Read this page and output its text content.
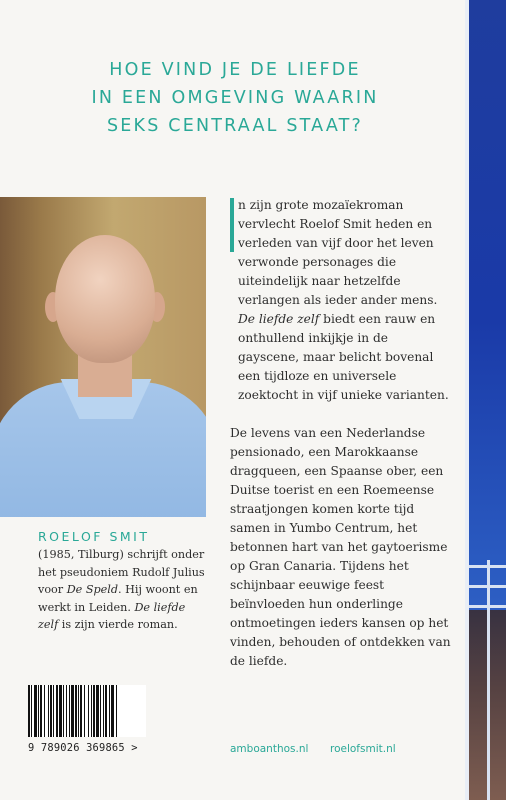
HOE VIND JE DE LIEFDE
IN EEN OMGEVING WAARIN
SEKS CENTRAAL STAAT?
ROELOF SMIT
(1985, Tilburg) schrijft onder het pseudoniem Rudolf Julius voor De Speld. Hij woont en werkt in Leiden. De liefde zelf is zijn vierde roman.

n zijn grote mozaïekroman vervlecht Roelof Smit heden en verleden van vijf door het leven verwonde personages die uiteindelijk naar hetzelfde verlangen als ieder ander mens. De liefde zelf biedt een rauw en onthullend inkijkje in de gayscene, maar belicht bovenal een tijdloze en universele zoektocht in vijf unieke varianten.

De levens van een Nederlandse pensionado, een Marokkaanse dragqueen, een Spaanse ober, een Duitse toerist en een Roemeense straatjongen komen korte tijd samen in Yumbo Centrum, het betonnen hart van het gaytoerisme op Gran Canaria. Tijdens het schijnbaar eeuwige feest beïnvloeden hun onderlinge ontmoetingen ieders kansen op het vinden, behouden of ontdekken van de liefde.

9 789026 369865 >	amboanthos.nl roelofsmit.nl
